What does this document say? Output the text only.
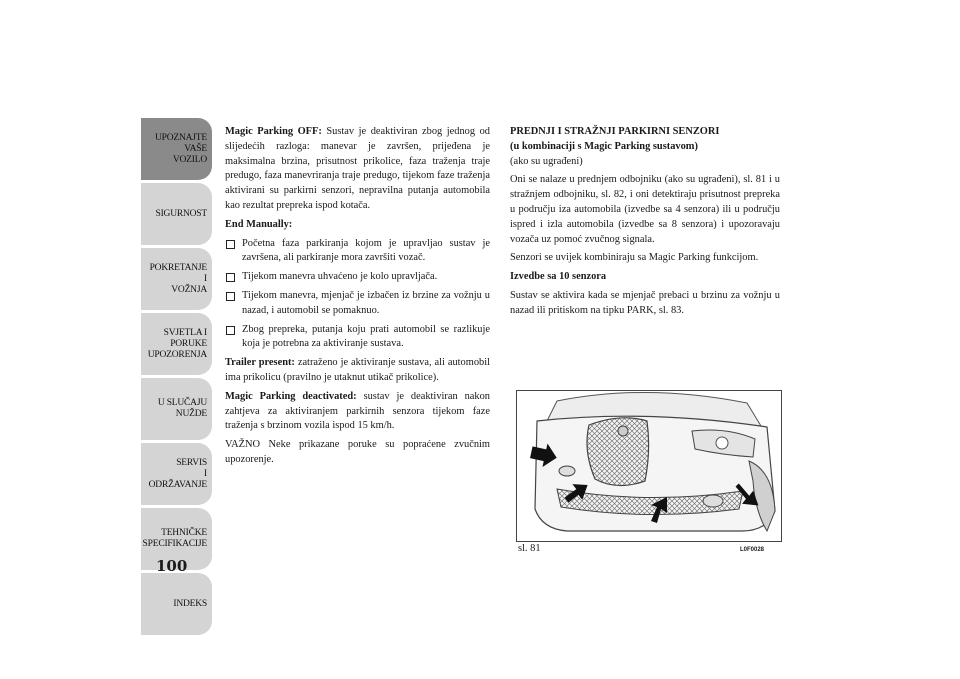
UPOZNAJTE
VAŠE
VOZILO
SIGURNOST
POKRETANJE
I
VOŽNJA
SVJETLA I
PORUKE
UPOZORENJA
U SLUČAJU
NUŽDE
SERVIS
I
ODRŽAVANJE
TEHNIČKE
SPECIFIKACIJE
INDEKS
100

Magic Parking OFF: Sustav je deaktiviran zbog jednog od slijedećih razloga: manevar je završen, prijeđena je maksimalna brzina, prisutnost prikolice, faza traženja traje predugo, faza manevriranja traje predugo, tijekom faze traženja aktivirani su parkirni senzori, nepravilna putanja automobila kao rezultat prepreka ispod kotača.

End Manually:

Početna faza parkiranja kojom je upravljao sustav je završena, ali parkiranje mora završiti vozač.
Tijekom manevra uhvaćeno je kolo upravljača.
Tijekom manevra, mjenjač je izbačen iz brzine za vožnju u nazad, i automobil se pomaknuo.
Zbog prepreka, putanja koju prati automobil se razlikuje koja je potrebna za aktiviranje sustava.

Trailer present: zatraženo je aktiviranje sustava, ali automobil ima prikolicu (pravilno je utaknut utikač prikolice).

Magic Parking deactivated: sustav je deaktiviran nakon zahtjeva za aktiviranjem parkirnih senzora tijekom faze traženja s brzinom vozila ispod 15 km/h.

VAŽNO Neke prikazane poruke su popraćene zvučnim upozorenje.

PREDNJI I STRAŽNJI PARKIRNI SENZORI
(u kombinaciji s Magic Parking sustavom)

(ako su ugrađeni)

Oni se nalaze u prednjem odbojniku (ako su ugrađeni), sl. 81 i u stražnjem odbojniku, sl. 82, i oni detektiraju prisutnost prepreka u području iza automobila (izvedbe sa 4 senzora) ili u području ispred i izla automobila (izvedbe sa 8 senzora) i upozoravaju vozača uz pomoć zvučnog signala.

Senzori se uvijek kombiniraju sa Magic Parking funkcijom.

Izvedbe sa 10 senzora

Sustav se aktivira kada se mjenjač prebaci u brzinu za vožnju u nazad ili pritiskom na tipku PARK, sl. 83.

sl. 81	L0F0028
